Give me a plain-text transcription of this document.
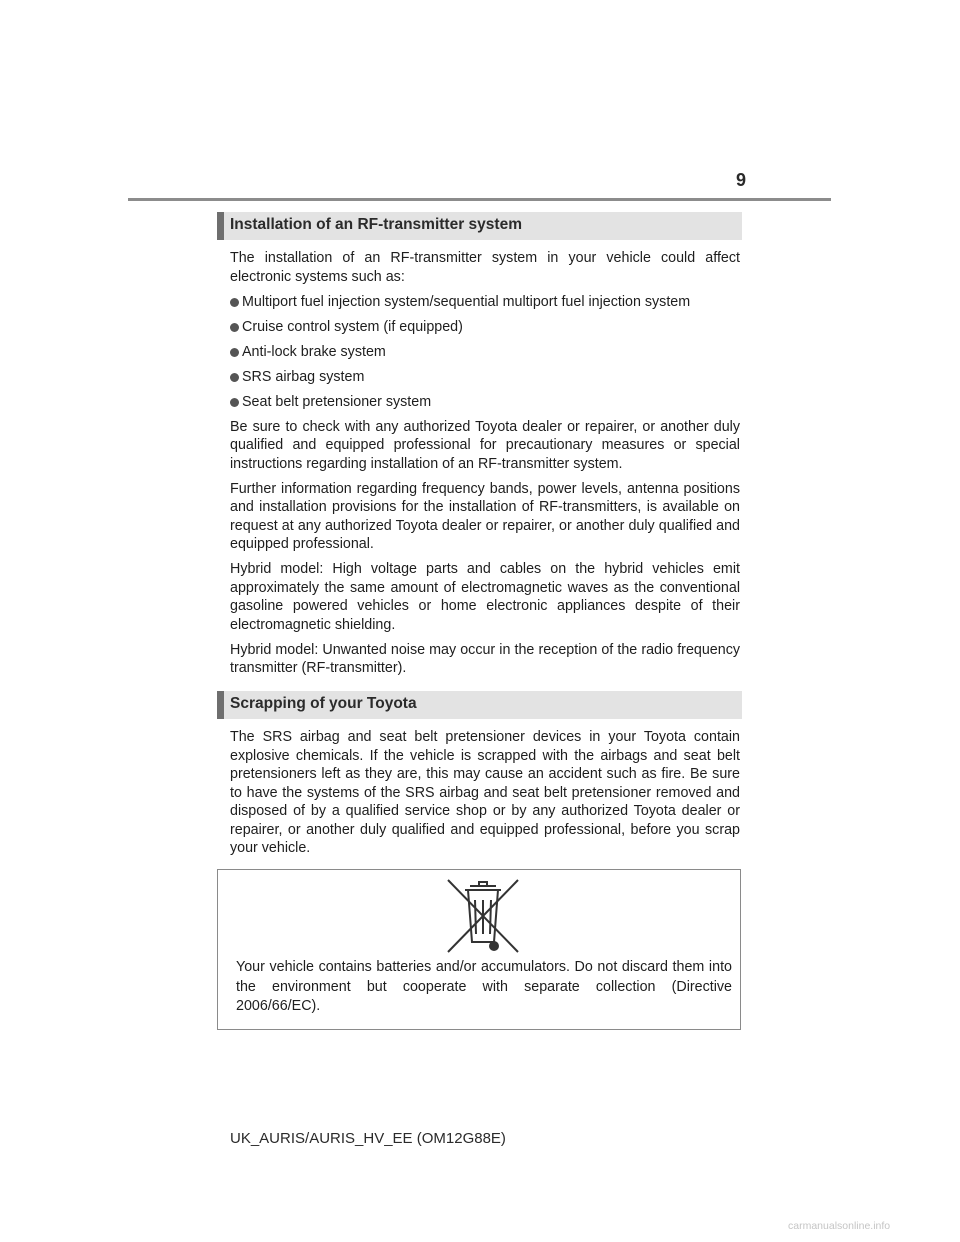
9
Installation of an RF-transmitter system

The installation of an RF-transmitter system in your vehicle could affect electronic systems such as:

Multiport fuel injection system/sequential multiport fuel injection system
Cruise control system (if equipped)
Anti-lock brake system
SRS airbag system
Seat belt pretensioner system

Be sure to check with any authorized Toyota dealer or repairer, or another duly qualified and equipped professional for precautionary measures or special instructions regarding installation of an RF-transmitter system.

Further information regarding frequency bands, power levels, antenna positions and installation provisions for the installation of RF-transmitters, is available on request at any authorized Toyota dealer or repairer, or another duly qualified and equipped professional.

Hybrid model: High voltage parts and cables on the hybrid vehicles emit approximately the same amount of electromagnetic waves as the conventional gasoline powered vehicles or home electronic appliances despite of their electromagnetic shielding.

Hybrid model: Unwanted noise may occur in the reception of the radio frequency transmitter (RF-transmitter).

Scrapping of your Toyota

The SRS airbag and seat belt pretensioner devices in your Toyota contain explosive chemicals. If the vehicle is scrapped with the airbags and seat belt pretensioners left as they are, this may cause an accident such as fire. Be sure to have the systems of the SRS airbag and seat belt pretensioner removed and disposed of by a qualified service shop or by any authorized Toyota dealer or repairer, or another duly qualified and equipped professional, before you scrap your vehicle.

Your vehicle contains batteries and/or accumulators. Do not discard them into the environment but cooperate with separate collection (Directive 2006/66/EC).
UK_AURIS/AURIS_HV_EE (OM12G88E)
carmanualsonline.info
